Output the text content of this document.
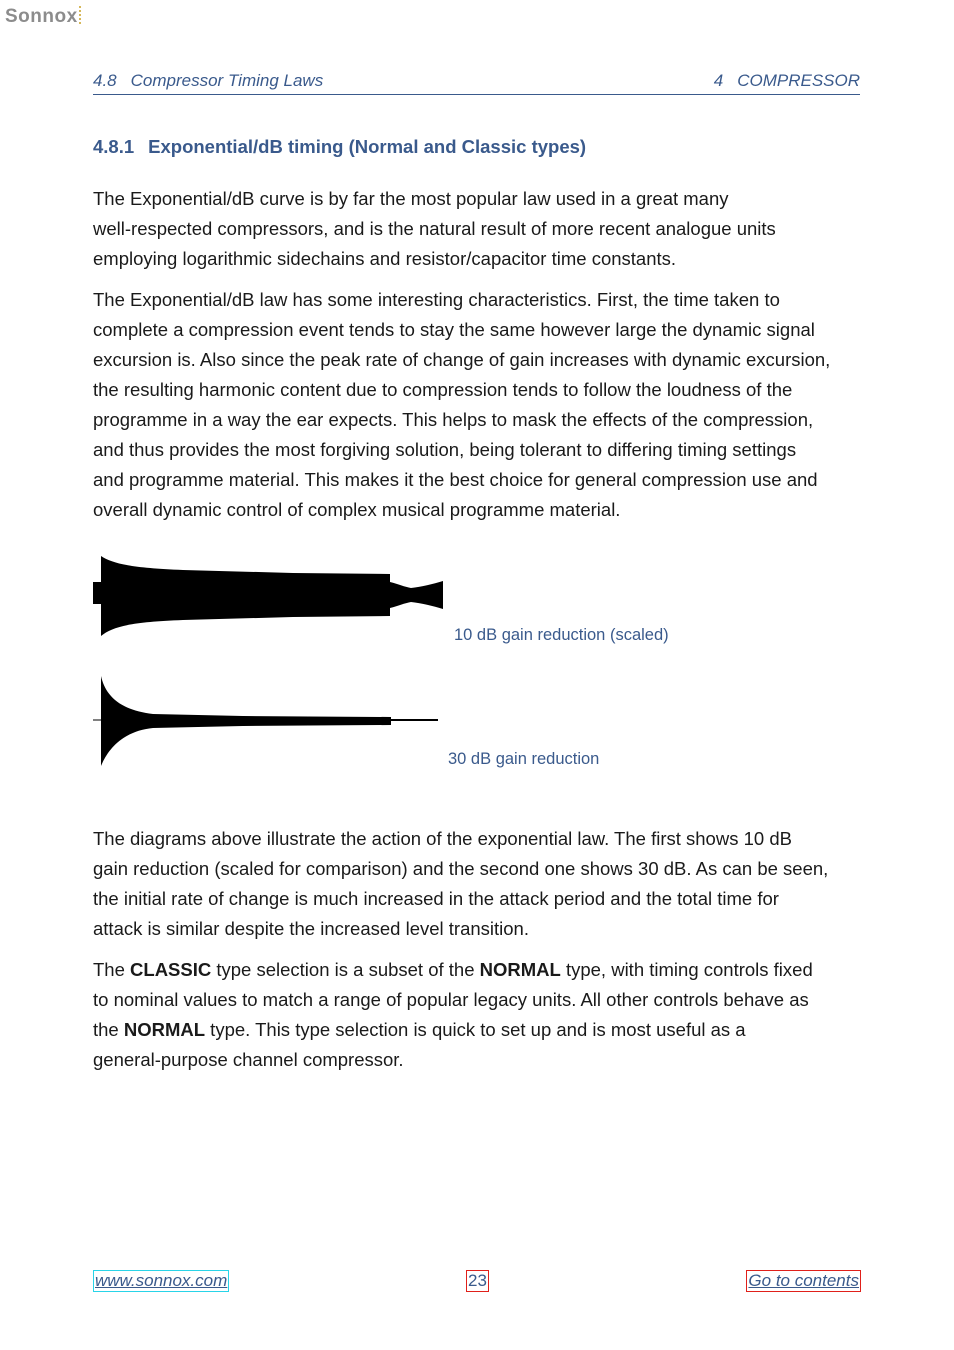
Sonnox
4.8 Compressor Timing Laws	4 COMPRESSOR
4.8.1 Exponential/dB timing (Normal and Classic types)

The Exponential/dB curve is by far the most popular law used in a great many
well-respected compressors, and is the natural result of more recent analogue units
employing logarithmic sidechains and resistor/capacitor time constants.

The Exponential/dB law has some interesting characteristics. First, the time taken to
complete a compression event tends to stay the same however large the dynamic signal
excursion is. Also since the peak rate of change of gain increases with dynamic excursion,
the resulting harmonic content due to compression tends to follow the loudness of the
programme in a way the ear expects. This helps to mask the effects of the compression,
and thus provides the most forgiving solution, being tolerant to differing timing settings
and programme material. This makes it the best choice for general compression use and
overall dynamic control of complex musical programme material.

10 dB gain reduction (scaled)
30 dB gain reduction

The diagrams above illustrate the action of the exponential law. The first shows 10 dB
gain reduction (scaled for comparison) and the second one shows 30 dB. As can be seen,
the initial rate of change is much increased in the attack period and the total time for
attack is similar despite the increased level transition.

The CLASSIC type selection is a subset of the NORMAL type, with timing controls fixed
to nominal values to match a range of popular legacy units. All other controls behave as
the NORMAL type. This type selection is quick to set up and is most useful as a
general-purpose channel compressor.

www.sonnox.com	23	Go to contents
